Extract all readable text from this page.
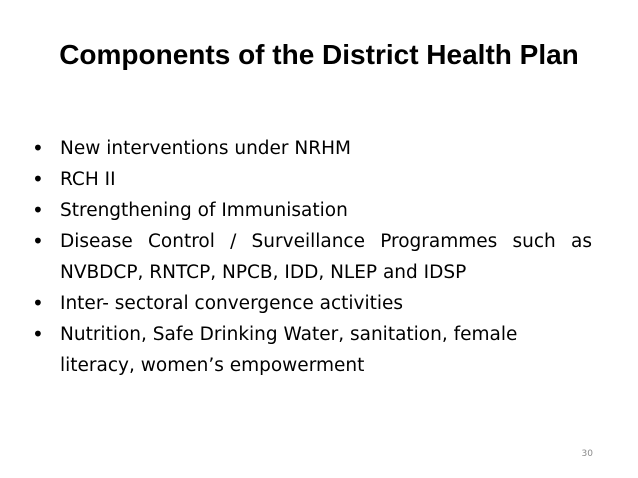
Components of the District Health Plan
• New interventions under NRHM
• RCH II
• Strengthening of Immunisation
• Disease Control / Surveillance Programmes such as NVBDCP, RNTCP, NPCB, IDD, NLEP and IDSP
• Inter- sectoral convergence activities
• Nutrition, Safe Drinking Water, sanitation, female literacy, women’s empowerment
30
